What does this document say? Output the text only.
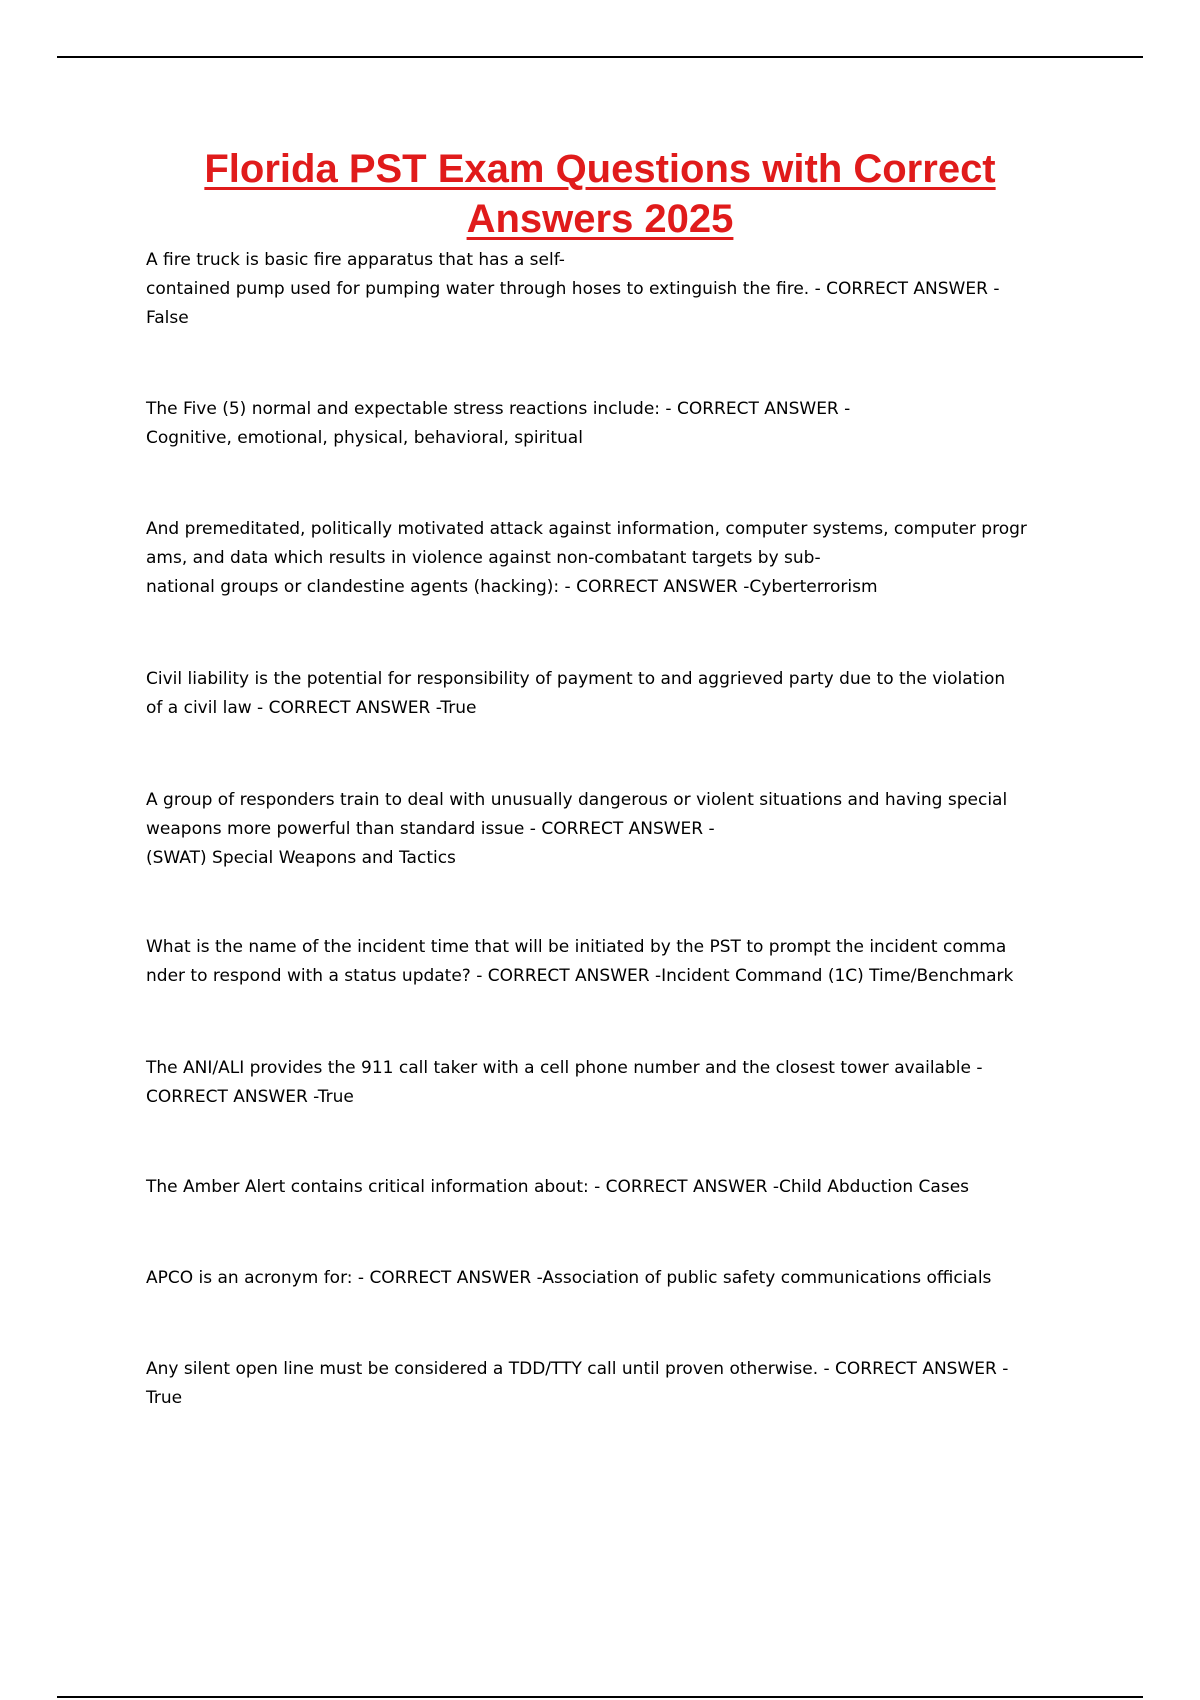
Florida PST Exam Questions with Correct
Answers 2025

A fire truck is basic fire apparatus that has a self-
contained pump used for pumping water through hoses to extinguish the fire. - CORRECT ANSWER -
False

The Five (5) normal and expectable stress reactions include: - CORRECT ANSWER -
Cognitive, emotional, physical, behavioral, spiritual

And premeditated, politically motivated attack against information, computer systems, computer progr
ams, and data which results in violence against non-combatant targets by sub-
national groups or clandestine agents (hacking): - CORRECT ANSWER -Cyberterrorism

Civil liability is the potential for responsibility of payment to and aggrieved party due to the violation
of a civil law - CORRECT ANSWER -True

A group of responders train to deal with unusually dangerous or violent situations and having special
weapons more powerful than standard issue - CORRECT ANSWER -
(SWAT) Special Weapons and Tactics

What is the name of the incident time that will be initiated by the PST to prompt the incident comma
nder to respond with a status update? - CORRECT ANSWER -Incident Command (1C) Time/Benchmark

The ANI/ALI provides the 911 call taker with a cell phone number and the closest tower available -
CORRECT ANSWER -True

The Amber Alert contains critical information about: - CORRECT ANSWER -Child Abduction Cases

APCO is an acronym for: - CORRECT ANSWER -Association of public safety communications officials

Any silent open line must be considered a TDD/TTY call until proven otherwise. - CORRECT ANSWER -
True
